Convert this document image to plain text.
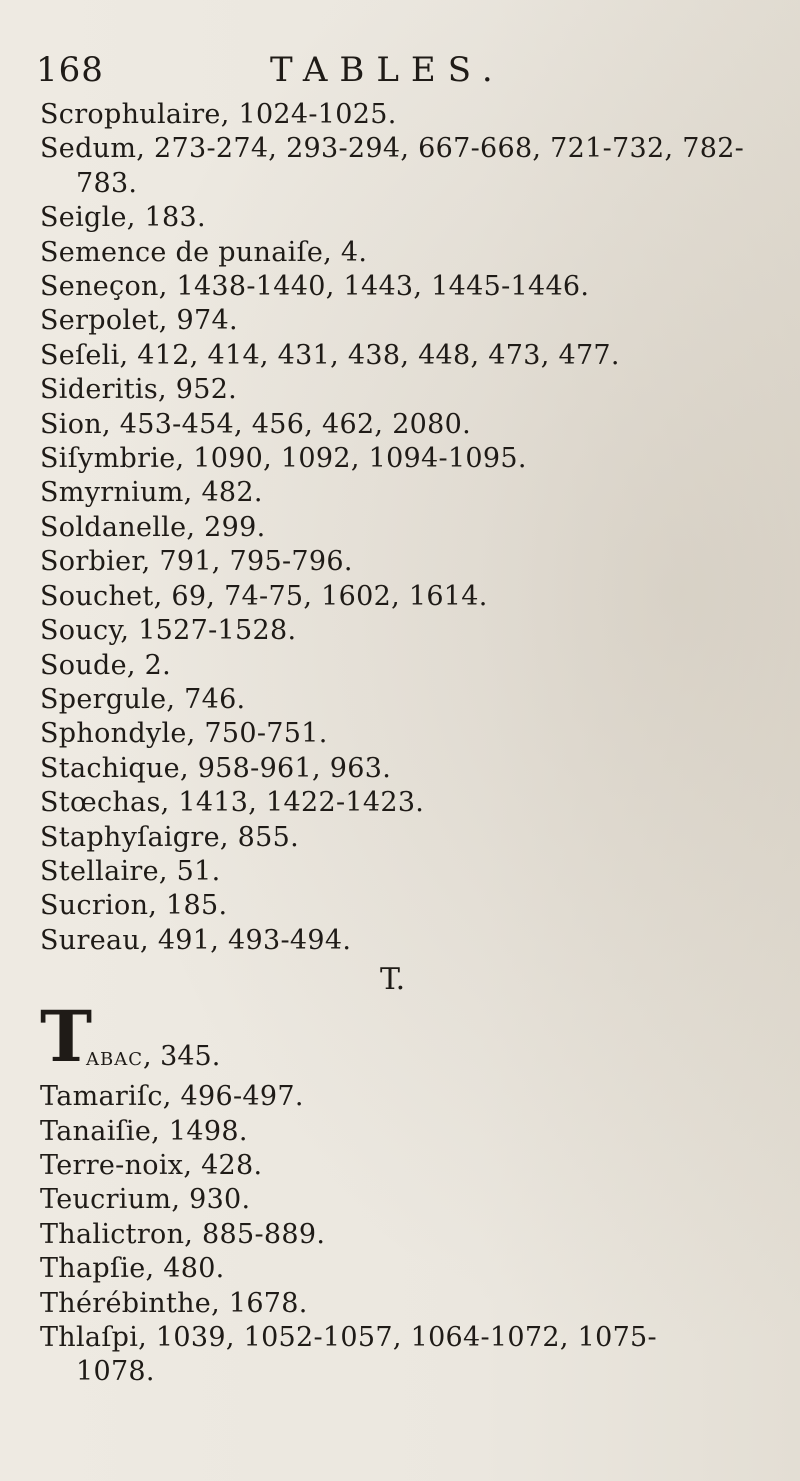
168	TABLES.
Scrophulaire, 1024-1025.
Sedum, 273-274, 293-294, 667-668, 721-732, 782-
783.
Seigle, 183.
Semence de punaiſe, 4.
Seneçon, 1438-1440, 1443, 1445-1446.
Serpolet, 974.
Seſeli, 412, 414, 431, 438, 448, 473, 477.
Sideritis, 952.
Sion, 453-454, 456, 462, 2080.
Siſymbrie, 1090, 1092, 1094-1095.
Smyrnium, 482.
Soldanelle, 299.
Sorbier, 791, 795-796.
Souchet, 69, 74-75, 1602, 1614.
Soucy, 1527-1528.
Soude, 2.
Spergule, 746.
Sphondyle, 750-751.
Stachique, 958-961, 963.
Stœchas, 1413, 1422-1423.
Staphyſaigre, 855.
Stellaire, 51.
Sucrion, 185.
Sureau, 491, 493-494.
T.
T
ABAC, 345.
Tamariſc, 496-497.
Tanaiſie, 1498.
Terre-noix, 428.
Teucrium, 930.
Thalictron, 885-889.
Thapſie, 480.
Thérébinthe, 1678.
Thlaſpi, 1039, 1052-1057, 1064-1072, 1075-
1078.
